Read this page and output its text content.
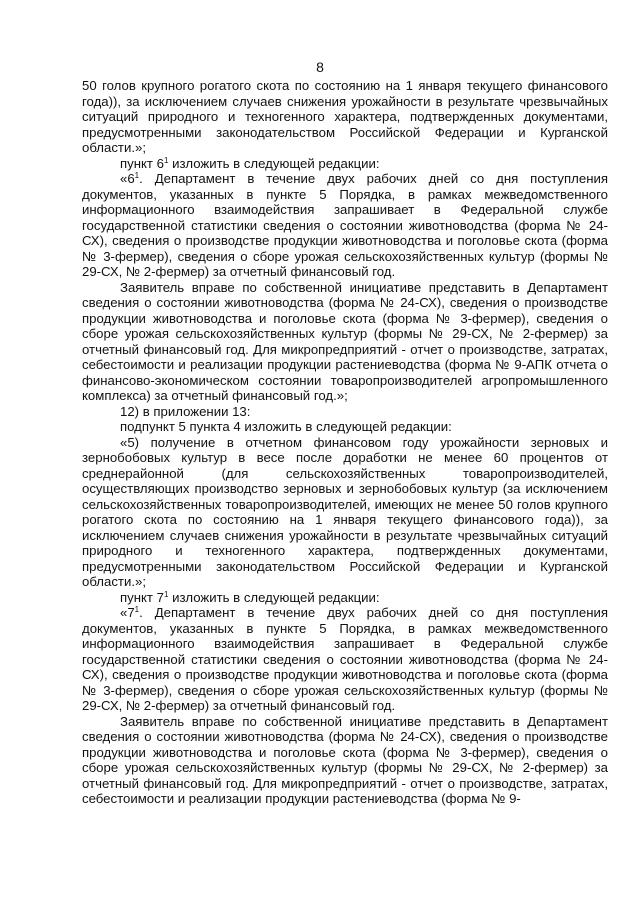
8

50 голов крупного рогатого скота по состоянию на 1 января текущего финансового года)), за исключением случаев снижения урожайности в результате чрезвычайных ситуаций природного и техногенного характера, подтвержденных документами, предусмотренными законодательством Российской Федерации и Курганской области.»;

пункт $6^1$ изложить в следующей редакции:

«$6^1$. Департамент в течение двух рабочих дней со дня поступления документов, указанных в пункте 5 Порядка, в рамках межведомственного информационного взаимодействия запрашивает в Федеральной службе государственной статистики сведения о состоянии животноводства (форма № 24-СХ), сведения о производстве продукции животноводства и поголовье скота (форма № 3-фермер), сведения о сборе урожая сельскохозяйственных культур (формы № 29-СХ, № 2-фермер) за отчетный финансовый год.

Заявитель вправе по собственной инициативе представить в Департамент сведения о состоянии животноводства (форма № 24-СХ), сведения о производстве продукции животноводства и поголовье скота (форма № 3-фермер), сведения о сборе урожая сельскохозяйственных культур (формы № 29-СХ, № 2-фермер) за отчетный финансовый год. Для микропредприятий - отчет о производстве, затратах, себестоимости и реализации продукции растениеводства (форма № 9-АПК отчета о финансово-экономическом состоянии товаропроизводителей агропромышленного комплекса) за отчетный финансовый год.»;

12) в приложении 13:

подпункт 5 пункта 4 изложить в следующей редакции:

«5) получение в отчетном финансовом году урожайности зерновых и зернобобовых культур в весе после доработки не менее 60 процентов от среднерайонной (для сельскохозяйственных товаропроизводителей, осуществляющих производство зерновых и зернобобовых культур (за исключением сельскохозяйственных товаропроизводителей, имеющих не менее 50 голов крупного рогатого скота по состоянию на 1 января текущего финансового года)), за исключением случаев снижения урожайности в результате чрезвычайных ситуаций природного и техногенного характера, подтвержденных документами, предусмотренными законодательством Российской Федерации и Курганской области.»;

пункт $7^1$ изложить в следующей редакции:

«$7^1$. Департамент в течение двух рабочих дней со дня поступления документов, указанных в пункте 5 Порядка, в рамках межведомственного информационного взаимодействия запрашивает в Федеральной службе государственной статистики сведения о состоянии животноводства (форма № 24-СХ), сведения о производстве продукции животноводства и поголовье скота (форма № 3-фермер), сведения о сборе урожая сельскохозяйственных культур (формы № 29-СХ, № 2-фермер) за отчетный финансовый год.

Заявитель вправе по собственной инициативе представить в Департамент сведения о состоянии животноводства (форма № 24-СХ), сведения о производстве продукции животноводства и поголовье скота (форма № 3-фермер), сведения о сборе урожая сельскохозяйственных культур (формы № 29-СХ, № 2-фермер) за отчетный финансовый год. Для микропредприятий - отчет о производстве, затратах, себестоимости и реализации продукции растениеводства (форма № 9-
